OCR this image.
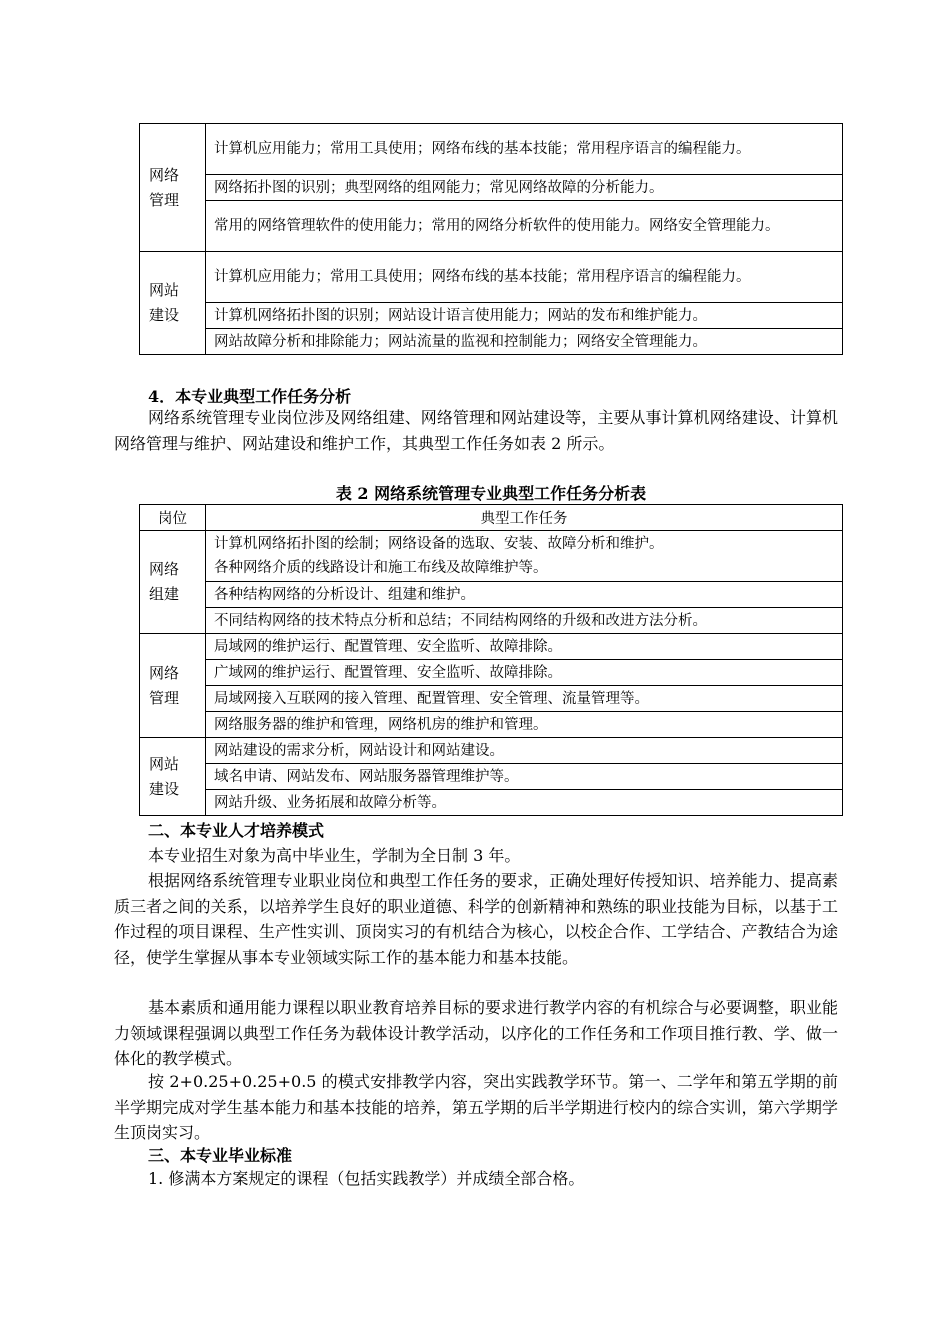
网络
管理	计算机应用能力；常用工具使用；网络布线的基本技能；常用程序语言的编程能力。
	网络拓扑图的识别；典型网络的组网能力；常见网络故障的分析能力。
	常用的网络管理软件的使用能力；常用的网络分析软件的使用能力。网络安全管理能力。
网站
建设	计算机应用能力；常用工具使用；网络布线的基本技能；常用程序语言的编程能力。
	计算机网络拓扑图的识别；网站设计语言使用能力；网站的发布和维护能力。
	网站故障分析和排除能力；网站流量的监视和控制能力；网络安全管理能力。

4．本专业典型工作任务分析

网络系统管理专业岗位涉及网络组建、网络管理和网站建设等，主要从事计算机网络建设、计算机网络管理与维护、网站建设和维护工作，其典型工作任务如表 2 所示。

表 2 网络系统管理专业典型工作任务分析表

岗位	典型工作任务
网络
组建	计算机网络拓扑图的绘制；网络设备的选取、安装、故障分析和维护。
各种网络介质的线路设计和施工布线及故障维护等。
	各种结构网络的分析设计、组建和维护。
	不同结构网络的技术特点分析和总结；不同结构网络的升级和改进方法分析。
网络
管理	局域网的维护运行、配置管理、安全监听、故障排除。
	广域网的维护运行、配置管理、安全监听、故障排除。
	局域网接入互联网的接入管理、配置管理、安全管理、流量管理等。
	网络服务器的维护和管理，网络机房的维护和管理。
网站
建设	网站建设的需求分析，网站设计和网站建设。
	域名申请、网站发布、网站服务器管理维护等。
	网站升级、业务拓展和故障分析等。

二、本专业人才培养模式

本专业招生对象为高中毕业生，学制为全日制 3 年。

根据网络系统管理专业职业岗位和典型工作任务的要求，正确处理好传授知识、培养能力、提高素质三者之间的关系，以培养学生良好的职业道德、科学的创新精神和熟练的职业技能为目标，以基于工作过程的项目课程、生产性实训、顶岗实习的有机结合为核心，以校企合作、工学结合、产教结合为途径，使学生掌握从事本专业领域实际工作的基本能力和基本技能。

基本素质和通用能力课程以职业教育培养目标的要求进行教学内容的有机综合与必要调整，职业能力领域课程强调以典型工作任务为载体设计教学活动，以序化的工作任务和工作项目推行教、学、做一体化的教学模式。

按 2+0.25+0.25+0.5 的模式安排教学内容，突出实践教学环节。第一、二学年和第五学期的前半学期完成对学生基本能力和基本技能的培养，第五学期的后半学期进行校内的综合实训，第六学期学生顶岗实习。

三、本专业毕业标准

1. 修满本方案规定的课程（包括实践教学）并成绩全部合格。
